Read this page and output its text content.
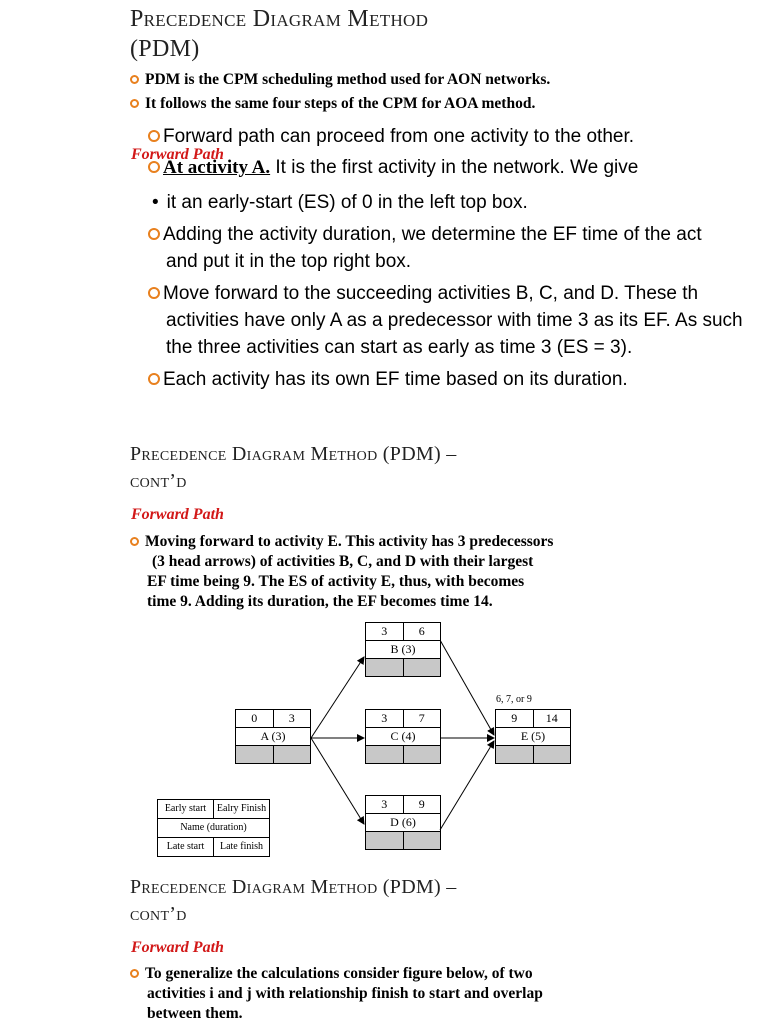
Precedence Diagram Method
(PDM)
PDM is the CPM scheduling method used for AON networks.
It follows the same four steps of the CPM for AOA method.
Forward path can proceed from one activity to the other.
Forward Path
At activity A. It is the first activity in the network. We give
• it an early-start (ES) of 0 in the left top box.
Adding the activity duration, we determine the EF time of the act
and put it in the top right box.
Move forward to the succeeding activities B, C, and D. These th
activities have only A as a predecessor with time 3 as its EF. As such
the three activities can start as early as time 3 (ES = 3).
Each activity has its own EF time based on its duration.
Precedence Diagram Method (PDM) –
cont’d
Forward Path
Moving forward to activity E. This activity has 3 predecessors
(3 head arrows) of activities B, C, and D with their largest
EF time being 9. The ES of activity E, thus, with becomes
time 9. Adding its duration, the EF becomes time 14.
3	6
B (3)
0	3
A (3)
3	7
C (4)
6, 7, or 9
9	14
E (5)
3	9
D (6)
Early start	Ealry Finish
Name (duration)
Late start	Late finish
Precedence Diagram Method (PDM) –
cont’d
Forward Path
To generalize the calculations consider figure below, of two
activities i and j with relationship finish to start and overlap
between them.
